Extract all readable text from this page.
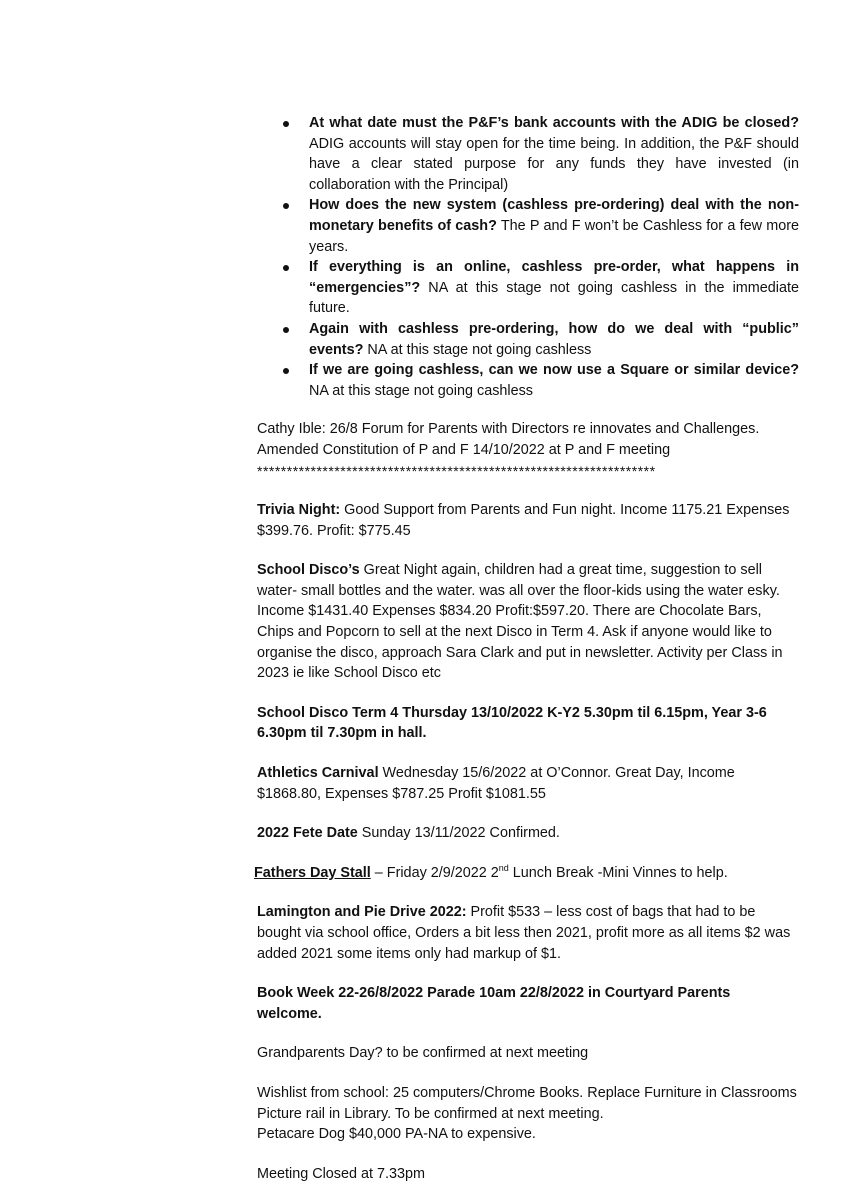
At what date must the P&F’s bank accounts with the ADIG be closed? ADIG accounts will stay open for the time being. In addition, the P&F should have a clear stated purpose for any funds they have invested (in collaboration with the Principal)
How does the new system (cashless pre-ordering) deal with the non-monetary benefits of cash? The P and F won’t be Cashless for a few more years.
If everything is an online, cashless pre-order, what happens in “emergencies”? NA at this stage not going cashless in the immediate future.
Again with cashless pre-ordering, how do we deal with “public” events? NA at this stage not going cashless
If we are going cashless, can we now use a Square or similar device? NA at this stage not going cashless

Cathy Ible: 26/8 Forum for Parents with Directors re innovates and Challenges.

Amended Constitution of P and F 14/10/2022 at P and F meeting

*******************************************************************

Trivia Night: Good Support from Parents and Fun night. Income 1175.21 Expenses $399.76. Profit: $775.45

School Disco’s Great Night again, children had a great time, suggestion to sell water- small bottles and the water. was all over the floor-kids using the water esky. Income $1431.40 Expenses $834.20 Profit:$597.20. There are Chocolate Bars, Chips and Popcorn to sell at the next Disco in Term 4. Ask if anyone would like to organise the disco, approach Sara Clark and put in newsletter. Activity per Class in 2023 ie like School Disco etc

School Disco Term 4 Thursday 13/10/2022 K-Y2 5.30pm til 6.15pm, Year 3-6 6.30pm til 7.30pm in hall.

Athletics Carnival Wednesday 15/6/2022 at O’Connor. Great Day, Income $1868.80, Expenses $787.25 Profit $1081.55

2022 Fete Date Sunday 13/11/2022 Confirmed.

Fathers Day Stall – Friday 2/9/2022 2nd Lunch Break -Mini Vinnes to help.

Lamington and Pie Drive 2022: Profit $533 – less cost of bags that had to be bought via school office, Orders a bit less then 2021, profit more as all items $2 was added 2021 some items only had markup of $1.

Book Week 22-26/8/2022 Parade 10am 22/8/2022 in Courtyard Parents welcome.

Grandparents Day? to be confirmed at next meeting

Wishlist from school: 25 computers/Chrome Books. Replace Furniture in Classrooms

Picture rail in Library. To be confirmed at next meeting.

Petacare Dog $40,000 PA-NA to expensive.

Meeting Closed at 7.33pm
